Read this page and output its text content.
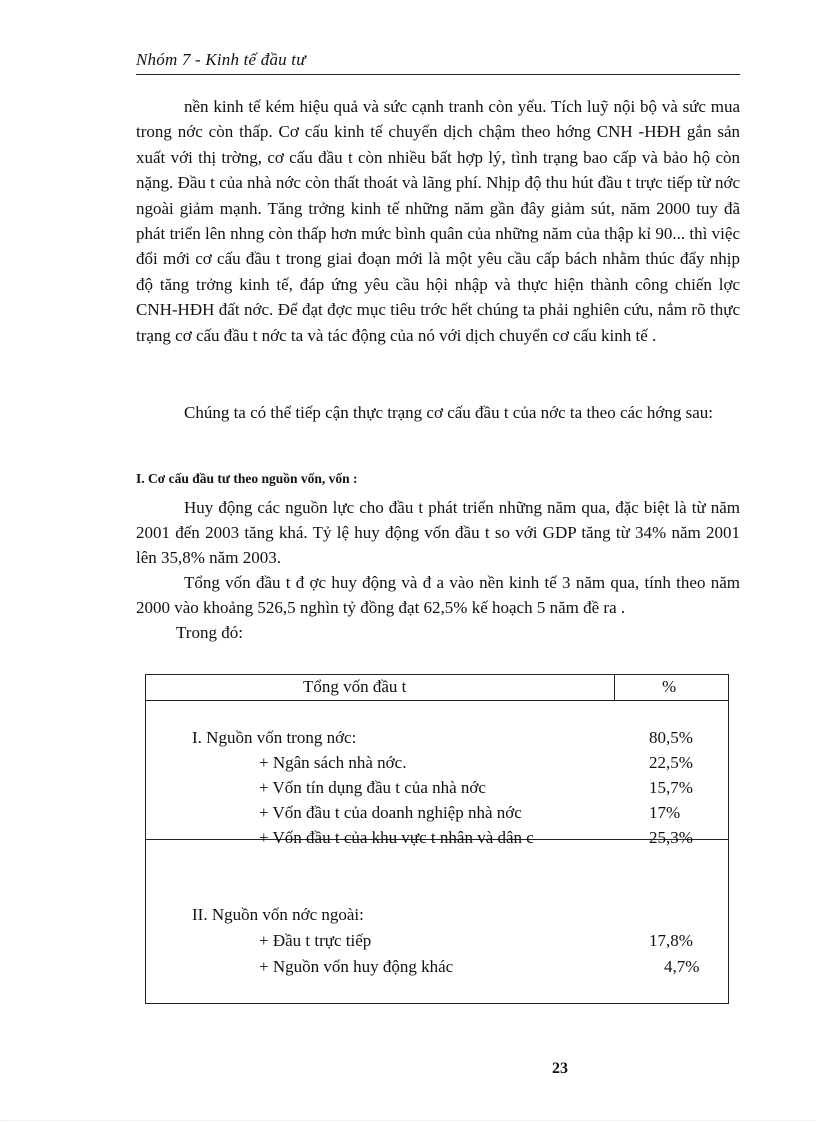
Nhóm 7 - Kinh tế đầu tư

nền kinh tế kém hiệu quả và sức cạnh tranh còn yếu. Tích luỹ nội bộ và sức mua trong nớc còn thấp. Cơ cấu kinh tế chuyển dịch chậm theo hớng CNH -HĐH gắn sản xuất với thị trờng, cơ cấu đầu t còn nhiều bất hợp lý, tình trạng bao cấp và bảo hộ còn nặng. Đầu t của nhà nớc còn thất thoát và lãng phí. Nhịp độ thu hút đầu t trực tiếp từ nớc ngoài giảm mạnh. Tăng trởng kinh tế những năm gần đây giảm sút, năm 2000 tuy đã phát triển lên nhng còn thấp hơn mức bình quân của những năm của thập kỉ 90... thì việc đổi mới cơ cấu đầu t trong giai đoạn mới là một yêu cầu cấp bách nhằm thúc đẩy nhịp độ tăng trởng kinh tế, đáp ứng yêu cầu hội nhập và thực hiện thành công chiến lợc CNH-HĐH đất nớc. Để đạt đợc mục tiêu trớc hết chúng ta phải nghiên cứu, nắm rõ thực trạng cơ cấu đầu t nớc ta và tác động của nó với dịch chuyển cơ cấu kinh tế .

Chúng ta có thể tiếp cận thực trạng cơ cấu đầu t của nớc ta theo các hớng sau:

I. Cơ cấu đầu tư theo nguồn vốn, vốn :

Huy động các nguồn lực cho đầu t phát triển những năm qua, đặc biệt là từ năm 2001 đến 2003 tăng khá. Tỷ lệ huy động vốn đầu t so với GDP tăng từ 34% năm 2001 lên 35,8% năm 2003.

Tổng vốn đầu t đ ợc huy động và đ a vào nền kinh tế 3 năm qua, tính theo năm 2000 vào khoảng 526,5 nghìn tỷ đồng đạt 62,5% kế hoạch 5 năm đề ra .

Trong đó:
Tổng vốn đầu t	%
I. Nguồn vốn trong nớc:	80,5%
+ Ngân sách nhà nớc.	22,5%
+ Vốn tín dụng đầu t của nhà nớc	15,7%
+ Vốn đầu t của doanh nghiệp nhà nớc	17%
+ Vốn đầu t của khu vực t nhân và dân c	25,3%
II. Nguồn vốn nớc ngoài:
+ Đầu t trực tiếp	17,8%
+ Nguồn vốn huy động khác	4,7%
23
